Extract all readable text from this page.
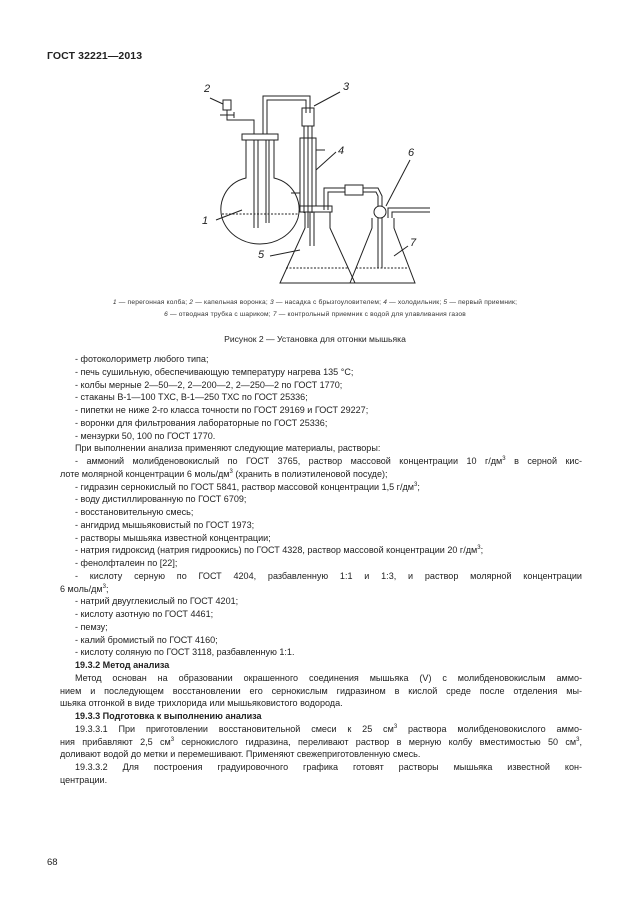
ГОСТ 32221—2013
1
2	3
4
5
6
7
1 — перегонная колба; 2 — капельная воронка; 3 — насадка с брызгоуловителем; 4 — холодильник; 5 — первый приемник;
6 — отводная трубка с шариком; 7 — контрольный приемник с водой для улавливания газов
Рисунок 2 — Установка для отгонки мышьяка

- фотоколориметр любого типа;

- печь сушильную, обеспечивающую температуру нагрева 135 °С;

- колбы мерные 2—50—2, 2—200—2, 2—250—2 по ГОСТ 1770;

- стаканы В-1—100 ТХС, В-1—250 ТХС по ГОСТ 25336;

- пипетки не ниже 2-го класса точности по ГОСТ 29169 и ГОСТ 29227;

- воронки для фильтрования лабораторные по ГОСТ 25336;

- мензурки 50, 100 по ГОСТ 1770.

При выполнении анализа применяют следующие материалы, растворы:

- аммоний молибденовокислый по ГОСТ 3765, раствор массовой концентрации 10 $г/дм^3$ в серной кис-

лоте молярной концентрации 6 моль/$дм^3$ (хранить в полиэтиленовой посуде);

- гидразин сернокислый по ГОСТ 5841, раствор массовой концентрации 1,5 $г/дм^3$;

- воду дистиллированную по ГОСТ 6709;

- восстановительную смесь;

- ангидрид мышьяковистый по ГОСТ 1973;

- растворы мышьяка известной концентрации;

- натрия гидроксид (натрия гидроокись) по ГОСТ 4328, раствор массовой концентрации 20 $г/дм^3$;

- фенолфталеин по [22];

- кислоту серную по ГОСТ 4204, разбавленную 1:1 и 1:3, и раствор молярной концентрации

6 моль/$дм^3$;

- натрий двууглекислый по ГОСТ 4201;

- кислоту азотную по ГОСТ 4461;

- пемзу;

- калий бромистый по ГОСТ 4160;

- кислоту соляную по ГОСТ 3118, разбавленную 1:1.

19.3.2 Метод анализа

Метод основан на образовании окрашенного соединения мышьяка (V) с молибденовокислым аммо-

нием и последующем восстановлении его сернокислым гидразином в кислой среде после отделения мы-

шьяка отгонкой в виде трихлорида или мышьяковистого водорода.

19.3.3 Подготовка к выполнению анализа

19.3.3.1 При приготовлении восстановительной смеси к 25 $см^3$ раствора молибденовокислого аммо-

ния прибавляют 2,5 $см^3$ сернокислого гидразина, переливают раствор в мерную колбу вместимостью 50 $см^3$,

доливают водой до метки и перемешивают. Применяют свежеприготовленную смесь.

19.3.3.2 Для построения градуировочного графика готовят растворы мышьяка известной кон-

центрации.

68
